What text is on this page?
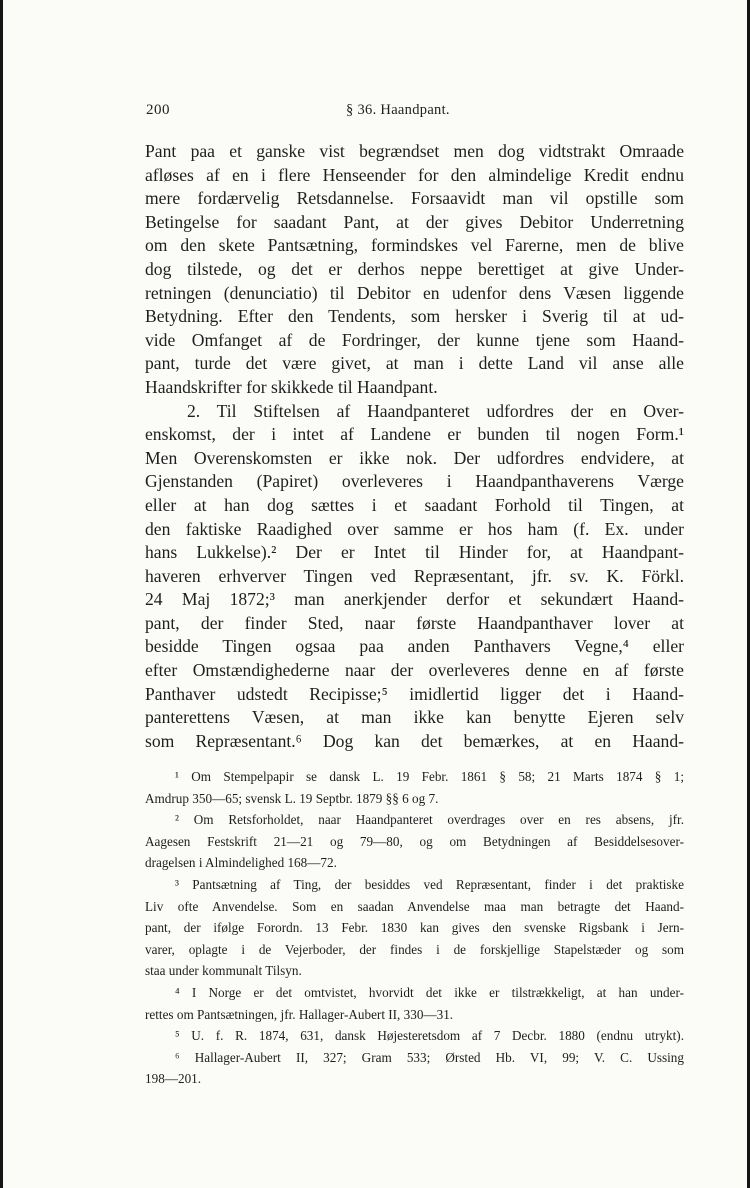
200	§ 36. Haandpant.
Pant paa et ganske vist begrændset men dog vidtstrakt Omraade
afløses af en i flere Henseender for den almindelige Kredit endnu
mere fordærvelig Retsdannelse. Forsaavidt man vil opstille som
Betingelse for saadant Pant, at der gives Debitor Underretning
om den skete Pantsætning, formindskes vel Farerne, men de blive
dog tilstede, og det er derhos neppe berettiget at give Under-
retningen (denunciatio) til Debitor en udenfor dens Væsen liggende
Betydning. Efter den Tendents, som hersker i Sverig til at ud-
vide Omfanget af de Fordringer, der kunne tjene som Haand-
pant, turde det være givet, at man i dette Land vil anse alle
Haandskrifter for skikkede til Haandpant.
2. Til Stiftelsen af Haandpanteret udfordres der en Over-
enskomst, der i intet af Landene er bunden til nogen Form.¹
Men Overenskomsten er ikke nok. Der udfordres endvidere, at
Gjenstanden (Papiret) overleveres i Haandpanthaverens Værge
eller at han dog sættes i et saadant Forhold til Tingen, at
den faktiske Raadighed over samme er hos ham (f. Ex. under
hans Lukkelse).² Der er Intet til Hinder for, at Haandpant-
haveren erhverver Tingen ved Repræsentant, jfr. sv. K. Förkl.
24 Maj 1872;³ man anerkjender derfor et sekundært Haand-
pant, der finder Sted, naar første Haandpanthaver lover at
besidde Tingen ogsaa paa anden Panthavers Vegne,⁴ eller
efter Omstændighederne naar der overleveres denne en af første
Panthaver udstedt Recipisse;⁵ imidlertid ligger det i Haand-
panterettens Væsen, at man ikke kan benytte Ejeren selv
som Repræsentant.⁶ Dog kan det bemærkes, at en Haand-
¹ Om Stempelpapir se dansk L. 19 Febr. 1861 § 58; 21 Marts 1874 § 1;
Amdrup 350—65; svensk L. 19 Septbr. 1879 §§ 6 og 7.
² Om Retsforholdet, naar Haandpanteret overdrages over en res absens, jfr.
Aagesen Festskrift 21—21 og 79—80, og om Betydningen af Besiddelsesover-
dragelsen i Almindelighed 168—72.
³ Pantsætning af Ting, der besiddes ved Repræsentant, finder i det praktiske
Liv ofte Anvendelse. Som en saadan Anvendelse maa man betragte det Haand-
pant, der ifølge Forordn. 13 Febr. 1830 kan gives den svenske Rigsbank i Jern-
varer, oplagte i de Vejerboder, der findes i de forskjellige Stapelstæder og som
staa under kommunalt Tilsyn.
⁴ I Norge er det omtvistet, hvorvidt det ikke er tilstrækkeligt, at han under-
rettes om Pantsætningen, jfr. Hallager-Aubert II, 330—31.
⁵ U. f. R. 1874, 631, dansk Højesteretsdom af 7 Decbr. 1880 (endnu utrykt).
⁶ Hallager-Aubert II, 327; Gram 533; Ørsted Hb. VI, 99; V. C. Ussing
198—201.
